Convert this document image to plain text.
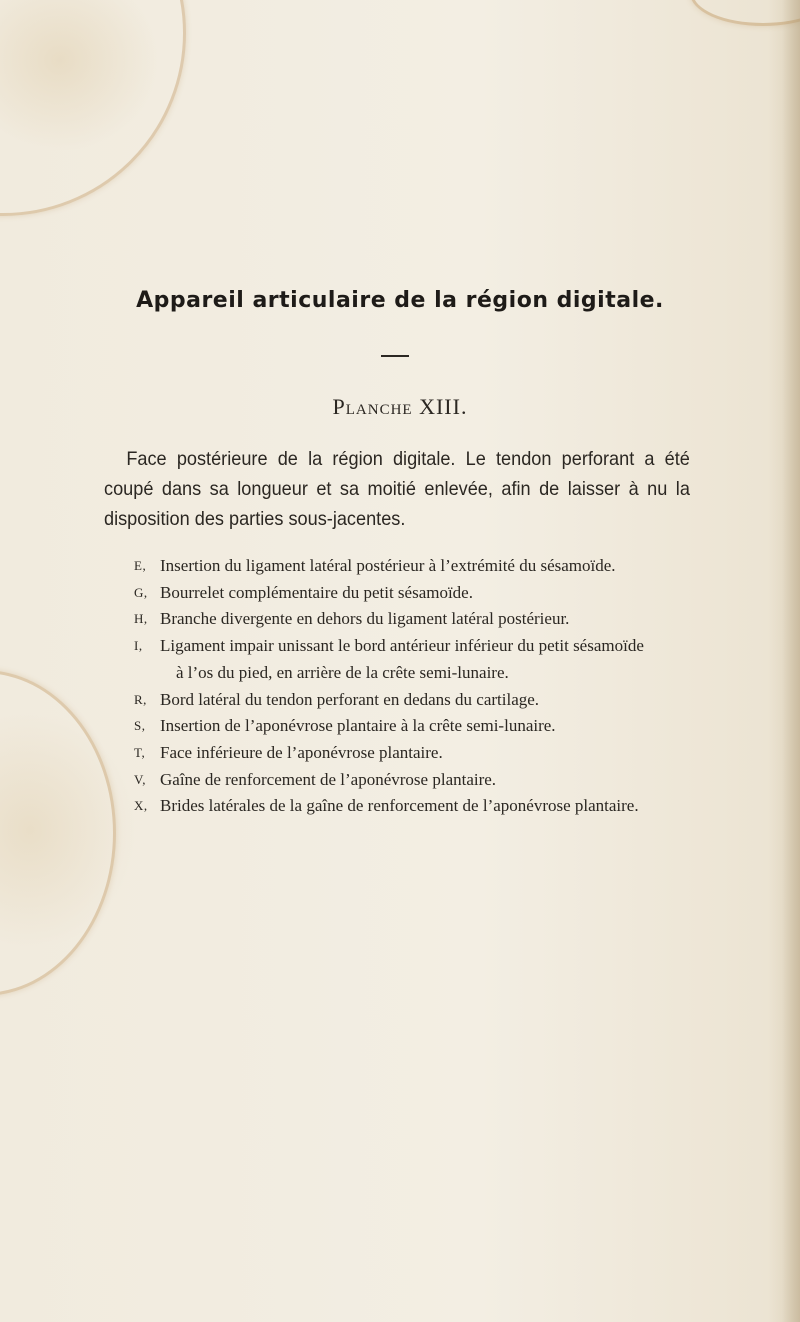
Appareil articulaire de la région digitale.
Planche XIII.

Face postérieure de la région digitale. Le tendon perforant a été coupé dans sa longueur et sa moitié enlevée, afin de laisser à nu la disposition des parties sous-jacentes.

E, Insertion du ligament latéral postérieur à l’extrémité du sésamoïde.
G, Bourrelet complémentaire du petit sésamoïde.
H, Branche divergente en dehors du ligament latéral postérieur.
I, Ligament impair unissant le bord antérieur inférieur du petit sésamoïde
à l’os du pied, en arrière de la crête semi-lunaire.
R, Bord latéral du tendon perforant en dedans du cartilage.
S, Insertion de l’aponévrose plantaire à la crête semi-lunaire.
T, Face inférieure de l’aponévrose plantaire.
V, Gaîne de renforcement de l’aponévrose plantaire.
X, Brides latérales de la gaîne de renforcement de l’aponévrose plantaire.
